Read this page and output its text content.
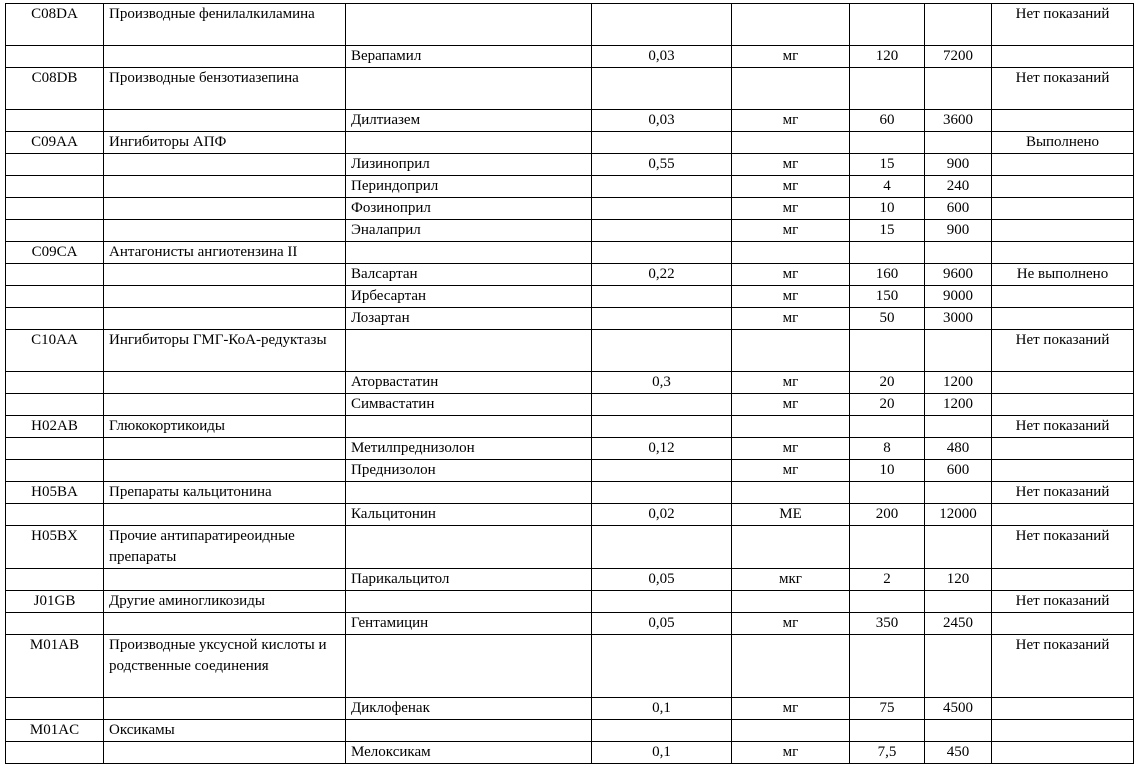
C08DA	Производные фенилалкиламина						Нет показаний
		Верапамил	0,03	мг	120	7200	
C08DB	Производные бензотиазепина						Нет показаний
		Дилтиазем	0,03	мг	60	3600	
C09AA	Ингибиторы АПФ						Выполнено
		Лизиноприл	0,55	мг	15	900	
		Периндоприл		мг	4	240	
		Фозиноприл		мг	10	600	
		Эналаприл		мг	15	900	
C09CA	Антагонисты ангиотензина II						
		Валсартан	0,22	мг	160	9600	Не выполнено
		Ирбесартан		мг	150	9000	
		Лозартан		мг	50	3000	
C10AA	Ингибиторы ГМГ-КоА-редуктазы						Нет показаний
		Аторвастатин	0,3	мг	20	1200	
		Симвастатин		мг	20	1200	
H02AB	Глюкокортикоиды						Нет показаний
		Метилпреднизолон	0,12	мг	8	480	
		Преднизолон		мг	10	600	
H05BA	Препараты кальцитонина						Нет показаний
		Кальцитонин	0,02	МЕ	200	12000	
H05BX	Прочие антипаратиреоидные препараты						Нет показаний
		Парикальцитол	0,05	мкг	2	120	
J01GB	Другие аминогликозиды						Нет показаний
		Гентамицин	0,05	мг	350	2450	
M01AB	Производные уксусной кислоты и родственные соединения						Нет показаний
		Диклофенак	0,1	мг	75	4500	
M01AC	Оксикамы						
		Мелоксикам	0,1	мг	7,5	450	
